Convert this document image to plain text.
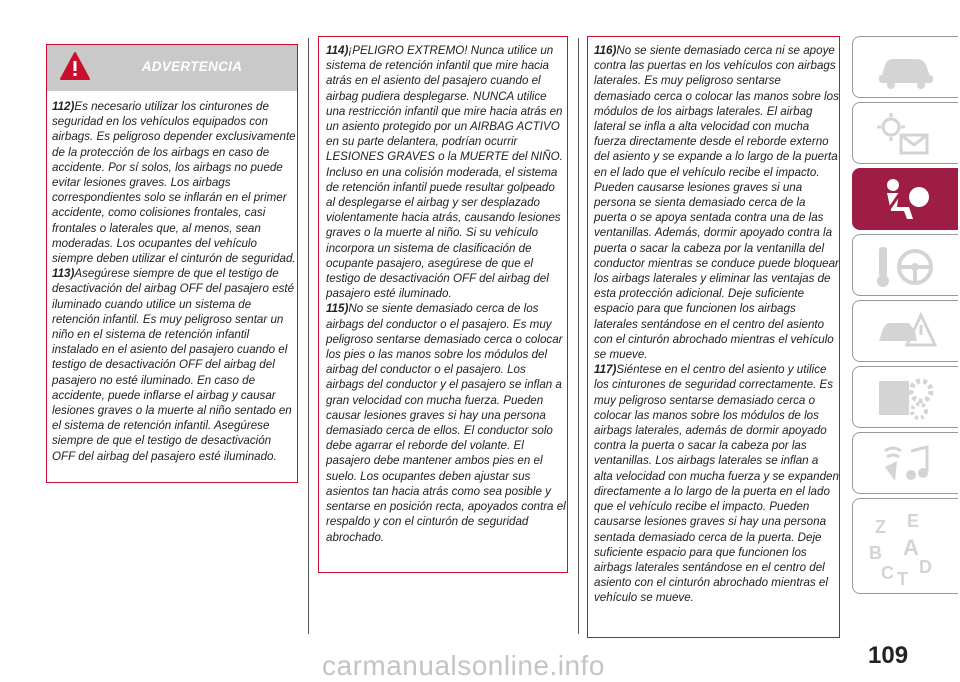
ADVERTENCIA

112)Es necesario utilizar los cinturones de seguridad en los vehículos equipados con airbags. Es peligroso depender exclusivamente de la protección de los airbags en caso de accidente. Por sí solos, los airbags no puede evitar lesiones graves. Los airbags correspondientes solo se inflarán en el primer accidente, como colisiones frontales, casi frontales o laterales que, al menos, sean moderadas. Los ocupantes del vehículo siempre deben utilizar el cinturón de seguridad.

113)Asegúrese siempre de que el testigo de desactivación del airbag OFF del pasajero esté iluminado cuando utilice un sistema de retención infantil. Es muy peligroso sentar un niño en el sistema de retención infantil instalado en el asiento del pasajero cuando el testigo de desactivación OFF del airbag del pasajero no esté iluminado. En caso de accidente, puede inflarse el airbag y causar lesiones graves o la muerte al niño sentado en el sistema de retención infantil. Asegúrese siempre de que el testigo de desactivación OFF del airbag del pasajero esté iluminado.

114)¡PELIGRO EXTREMO! Nunca utilice un sistema de retención infantil que mire hacia atrás en el asiento del pasajero cuando el airbag pudiera desplegarse. NUNCA utilice una restricción infantil que mire hacia atrás en un asiento protegido por un AIRBAG ACTIVO en su parte delantera, podrían ocurrir LESIONES GRAVES o la MUERTE del NIÑO. Incluso en una colisión moderada, el sistema de retención infantil puede resultar golpeado al desplegarse el airbag y ser desplazado violentamente hacia atrás, causando lesiones graves o la muerte al niño. Si su vehículo incorpora un sistema de clasificación de ocupante pasajero, asegúrese de que el testigo de desactivación OFF del airbag del pasajero esté iluminado.

115)No se siente demasiado cerca de los airbags del conductor o el pasajero. Es muy peligroso sentarse demasiado cerca o colocar los pies o las manos sobre los módulos del airbag del conductor o el pasajero. Los airbags del conductor y el pasajero se inflan a gran velocidad con mucha fuerza. Pueden causar lesiones graves si hay una persona demasiado cerca de ellos. El conductor solo debe agarrar el reborde del volante. El pasajero debe mantener ambos pies en el suelo. Los ocupantes deben ajustar sus asientos tan hacia atrás como sea posible y sentarse en posición recta, apoyados contra el respaldo y con el cinturón de seguridad abrochado.

116)No se siente demasiado cerca ni se apoye contra las puertas en los vehículos con airbags laterales. Es muy peligroso sentarse demasiado cerca o colocar las manos sobre los módulos de los airbags laterales. El airbag lateral se infla a alta velocidad con mucha fuerza directamente desde el reborde externo del asiento y se expande a lo largo de la puerta en el lado que el vehículo recibe el impacto. Pueden causarse lesiones graves si una persona se sienta demasiado cerca de la puerta o se apoya sentada contra una de las ventanillas. Además, dormir apoyado contra la puerta o sacar la cabeza por la ventanilla del conductor mientras se conduce puede bloquear los airbags laterales y eliminar las ventajas de esta protección adicional. Deje suficiente espacio para que funcionen los airbags laterales sentándose en el centro del asiento con el cinturón abrochado mientras el vehículo se mueve.

117)Siéntese en el centro del asiento y utilice los cinturones de seguridad correctamente. Es muy peligroso sentarse demasiado cerca o colocar las manos sobre los módulos de los airbags laterales, además de dormir apoyado contra la puerta o sacar la cabeza por las ventanillas. Los airbags laterales se inflan a alta velocidad con mucha fuerza y se expanden directamente a lo largo de la puerta en el lado que el vehículo recibe el impacto. Pueden causarse lesiones graves si hay una persona sentada demasiado cerca de la puerta. Deje suficiente espacio para que funcionen los airbags laterales sentándose en el centro del asiento con el cinturón abrochado mientras el vehículo se mueve.

Z E
B A
C T
D
109
carmanualsonline.info
